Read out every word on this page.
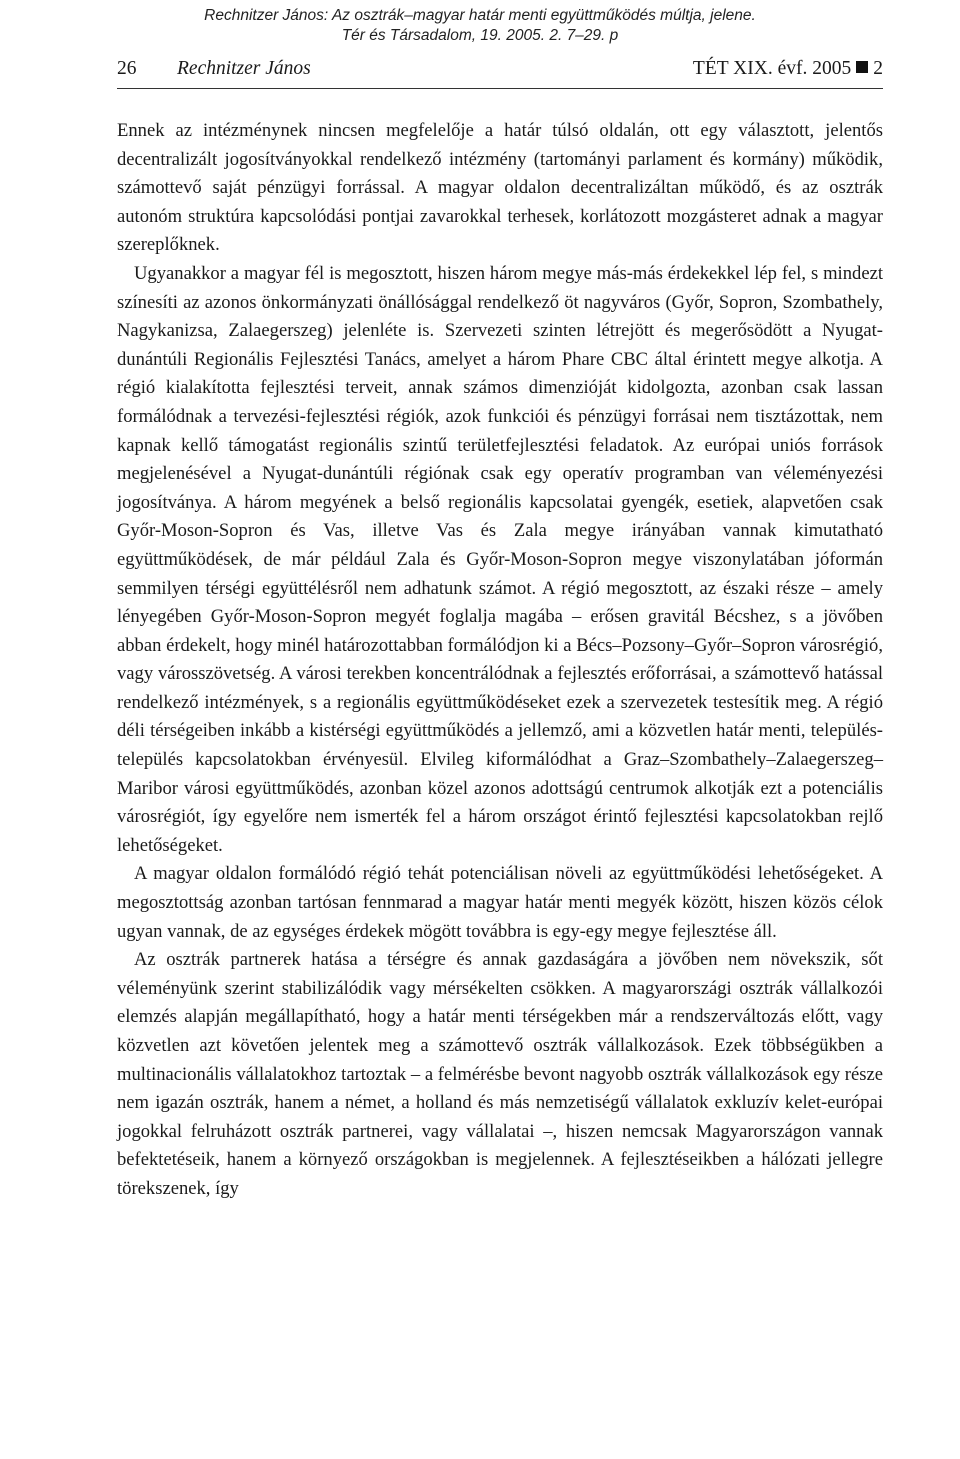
Rechnitzer János: Az osztrák–magyar határ menti együttműködés múltja, jelene.
Tér és Társadalom, 19. 2005. 2. 7–29. p
26 Rechnitzer János	TÉT XIX. évf. 2005 2

Ennek az intézménynek nincsen megfelelője a határ túlsó oldalán, ott egy választott, jelentős decentralizált jogosítványokkal rendelkező intézmény (tartományi parlament és kormány) működik, számottevő saját pénzügyi forrással. A magyar oldalon decentralizáltan működő, és az osztrák autonóm struktúra kapcsolódási pontjai zavarokkal terhesek, korlátozott mozgásteret adnak a magyar szereplőknek.

Ugyanakkor a magyar fél is megosztott, hiszen három megye más-más érdekekkel lép fel, s mindezt színesíti az azonos önkormányzati önállósággal rendelkező öt nagyváros (Győr, Sopron, Szombathely, Nagykanizsa, Zalaegerszeg) jelenléte is. Szervezeti szinten létrejött és megerősödött a Nyugat-dunántúli Regionális Fejlesztési Tanács, amelyet a három Phare CBC által érintett megye alkotja. A régió kialakította fejlesztési terveit, annak számos dimenzióját kidolgozta, azonban csak lassan formálódnak a tervezési-fejlesztési régiók, azok funkciói és pénzügyi forrásai nem tisztázottak, nem kapnak kellő támogatást regionális szintű területfejlesztési feladatok. Az európai uniós források megjelenésével a Nyugat-dunántúli régiónak csak egy operatív programban van véleményezési jogosítványa. A három megyének a belső regionális kapcsolatai gyengék, esetiek, alapvetően csak Győr-Moson-Sopron és Vas, illetve Vas és Zala megye irányában vannak kimutatható együttműködések, de már például Zala és Győr-Moson-Sopron megye viszonylatában jóformán semmilyen térségi együttélésről nem adhatunk számot. A régió megosztott, az északi része – amely lényegében Győr-Moson-Sopron megyét foglalja magába – erősen gravitál Bécshez, s a jövőben abban érdekelt, hogy minél határozottabban formálódjon ki a Bécs–Pozsony–Győr–Sopron városrégió, vagy városszövetség. A városi terekben koncentrálódnak a fejlesztés erőforrásai, a számottevő hatással rendelkező intézmények, s a regionális együttműködéseket ezek a szervezetek testesítik meg. A régió déli térségeiben inkább a kistérségi együttműködés a jellemző, ami a közvetlen határ menti, település-település kapcsolatokban érvényesül. Elvileg kiformálódhat a Graz–Szombathely–Zalaegerszeg–Maribor városi együttműködés, azonban közel azonos adottságú centrumok alkotják ezt a potenciális városrégiót, így egyelőre nem ismerték fel a három országot érintő fejlesztési kapcsolatokban rejlő lehetőségeket.

A magyar oldalon formálódó régió tehát potenciálisan növeli az együttműködési lehetőségeket. A megosztottság azonban tartósan fennmarad a magyar határ menti megyék között, hiszen közös célok ugyan vannak, de az egységes érdekek mögött továbbra is egy-egy megye fejlesztése áll.

Az osztrák partnerek hatása a térségre és annak gazdaságára a jövőben nem növekszik, sőt véleményünk szerint stabilizálódik vagy mérsékelten csökken. A magyarországi osztrák vállalkozói elemzés alapján megállapítható, hogy a határ menti térségekben már a rendszerváltozás előtt, vagy közvetlen azt követően jelentek meg a számottevő osztrák vállalkozások. Ezek többségükben a multinacionális vállalatokhoz tartoztak – a felmérésbe bevont nagyobb osztrák vállalkozások egy része nem igazán osztrák, hanem a német, a holland és más nemzetiségű vállalatok exkluzív kelet-európai jogokkal felruházott osztrák partnerei, vagy vállalatai –, hiszen nemcsak Magyarországon vannak befektetéseik, hanem a környező országokban is megjelennek. A fejlesztéseikben a hálózati jellegre törekszenek, így
